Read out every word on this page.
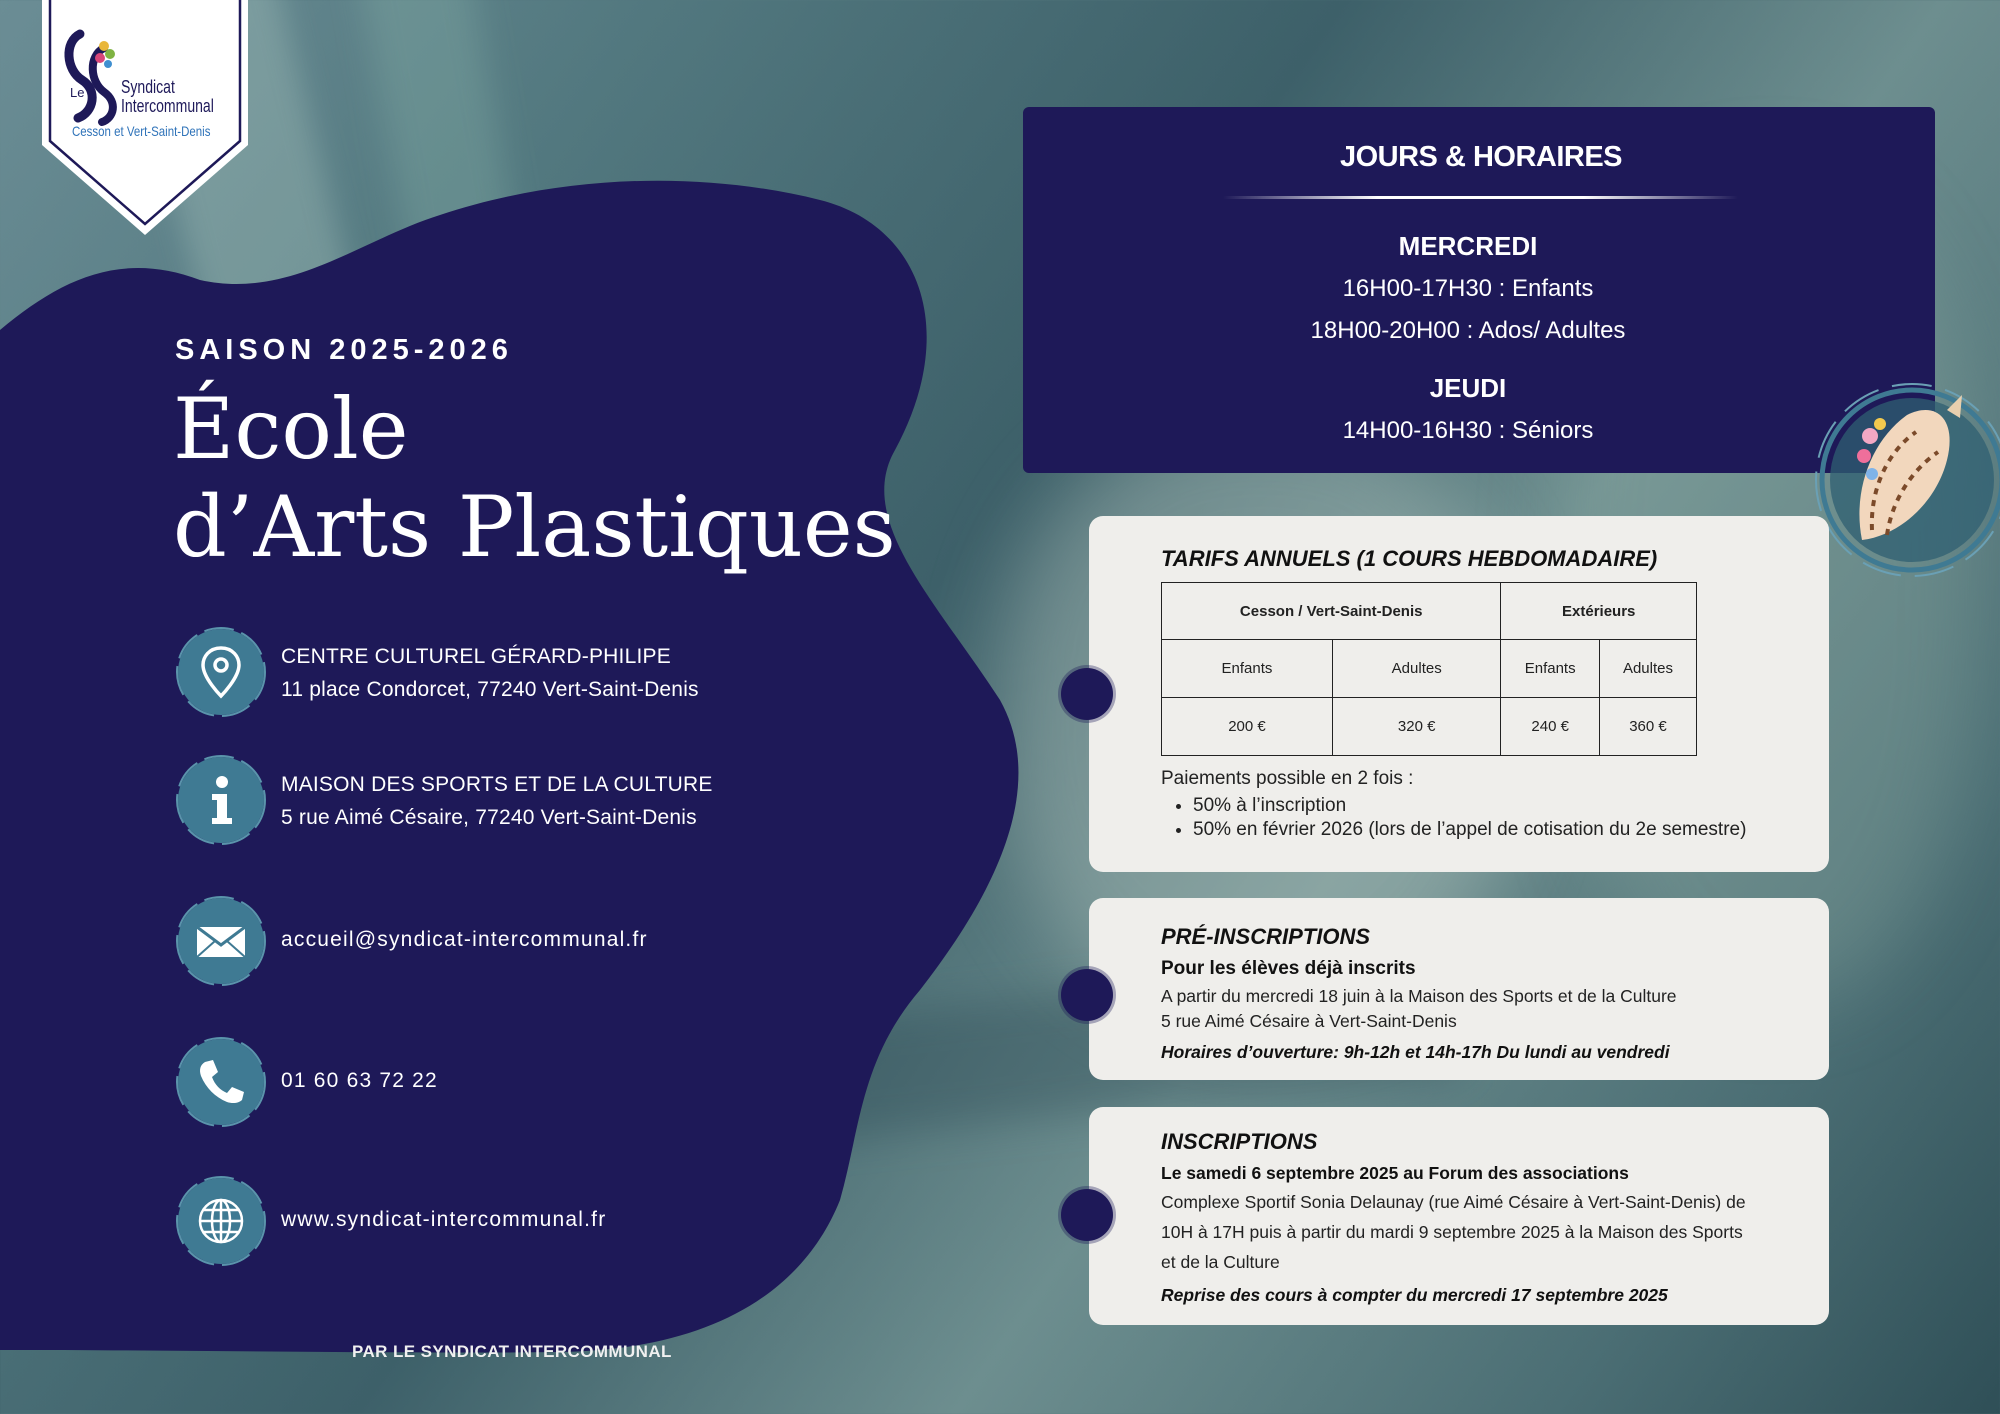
Le Syndicat
Intercommunal
Cesson et Vert-Saint-Denis
SAISON 2025-2026
École
d’Arts Plastiques
CENTRE CULTUREL GÉRARD-PHILIPE
11 place Condorcet, 77240 Vert-Saint-Denis
MAISON DES SPORTS ET DE LA CULTURE
5 rue Aimé Césaire, 77240 Vert-Saint-Denis
accueil@syndicat-intercommunal.fr
01 60 63 72 22
www.syndicat-intercommunal.fr
PAR LE SYNDICAT INTERCOMMUNAL
JOURS & HORAIRES
MERCREDI
16H00-17H30 : Enfants
18H00-20H00 : Ados/ Adultes
JEUDI
14H00-16H30 : Séniors
TARIFS ANNUELS (1 COURS HEBDOMADAIRE)
Cesson / Vert-Saint-Denis		Extérieurs	
Enfants	Adultes	Enfants	Adultes
200 €	320 €	240 €	360 €
Paiements possible en 2 fois :
• 50% à l’inscription
• 50% en février 2026 (lors de l’appel de cotisation du 2e semestre)
PRÉ-INSCRIPTIONS
Pour les élèves déjà inscrits
A partir du mercredi 18 juin à la Maison des Sports et de la Culture
5 rue Aimé Césaire à Vert-Saint-Denis
Horaires d’ouverture: 9h-12h et 14h-17h Du lundi au vendredi
INSCRIPTIONS
Le samedi 6 septembre 2025 au Forum des associations
Complexe Sportif Sonia Delaunay (rue Aimé Césaire à Vert-Saint-Denis) de
10H à 17H puis à partir du mardi 9 septembre 2025 à la Maison des Sports
et de la Culture
Reprise des cours à compter du mercredi 17 septembre 2025
